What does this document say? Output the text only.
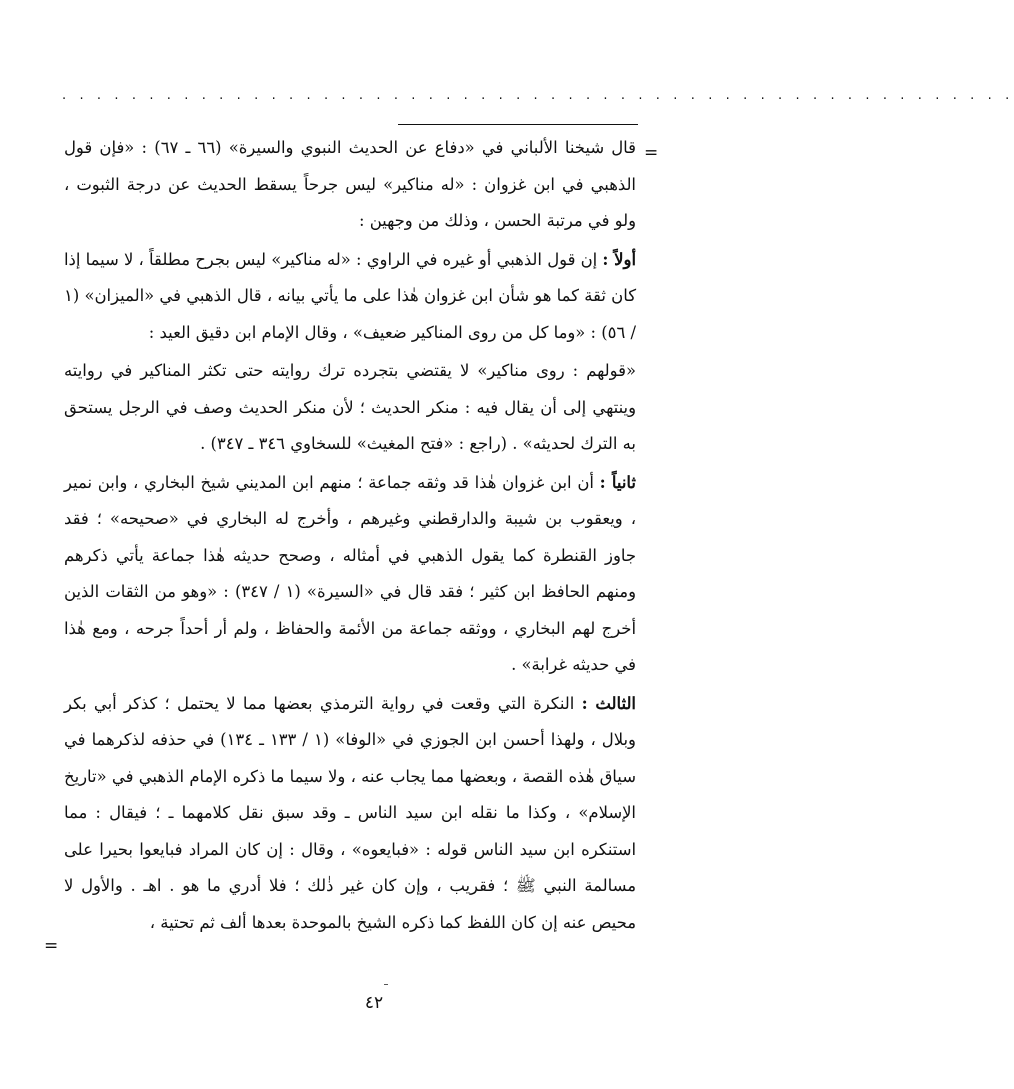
· · · · · · · · · · · · · · · · · · · · · · · · · · · · · · · · · · · · · · · · · · · · · · · · · · · · · · ·
=

قال شيخنا الألباني في «دفاع عن الحديث النبوي والسيرة» (٦٦ ـ ٦٧) : «فإن قول الذهبي في ابن غزوان : «له مناكير» ليس جرحاً يسقط الحديث عن درجة الثبوت ، ولو في مرتبة الحسن ، وذلك من وجهين :

أولاً : إن قول الذهبي أو غيره في الراوي : «له مناكير» ليس بجرح مطلقاً ، لا سيما إذا كان ثقة كما هو شأن ابن غزوان هٰذا على ما يأتي بيانه ، قال الذهبي في «الميزان» (١ / ٥٦) : «وما كل من روى المناكير ضعيف» ، وقال الإمام ابن دقيق العيد :

«قولهم : روى مناكير» لا يقتضي بتجرده ترك روايته حتى تكثر المناكير في روايته وينتهي إلى أن يقال فيه : منكر الحديث ؛ لأن منكر الحديث وصف في الرجل يستحق به الترك لحديثه» . (راجع : «فتح المغيث» للسخاوي ٣٤٦ ـ ٣٤٧) .

ثانياً : أن ابن غزوان هٰذا قد وثقه جماعة ؛ منهم ابن المديني شيخ البخاري ، وابن نمير ، ويعقوب بن شيبة والدارقطني وغيرهم ، وأخرج له البخاري في «صحيحه» ؛ فقد جاوز القنطرة كما يقول الذهبي في أمثاله ، وصحح حديثه هٰذا جماعة يأتي ذكرهم ومنهم الحافظ ابن كثير ؛ فقد قال في «السيرة» (١ / ٣٤٧) : «وهو من الثقات الذين أخرج لهم البخاري ، ووثقه جماعة من الأئمة والحفاظ ، ولم أر أحداً جرحه ، ومع هٰذا في حديثه غرابة» .

الثالث : النكرة التي وقعت في رواية الترمذي بعضها مما لا يحتمل ؛ كذكر أبي بكر وبلال ، ولهذا أحسن ابن الجوزي في «الوفا» (١ / ١٣٣ ـ ١٣٤) في حذفه لذكرهما في سياق هٰذه القصة ، وبعضها مما يجاب عنه ، ولا سيما ما ذكره الإمام الذهبي في «تاريخ الإسلام» ، وكذا ما نقله ابن سيد الناس ـ وقد سبق نقل كلامهما ـ ؛ فيقال : مما استنكره ابن سيد الناس قوله : «فبايعوه» ، وقال : إن كان المراد فبايعوا بحيرا على مسالمة النبي ﷺ ؛ فقريب ، وإن كان غير ذٰلك ؛ فلا أدري ما هو . اهـ . والأول لا محيص عنه إن كان اللفظ كما ذكره الشيخ بالموحدة بعدها ألف ثم تحتية ،

=
٤٢
